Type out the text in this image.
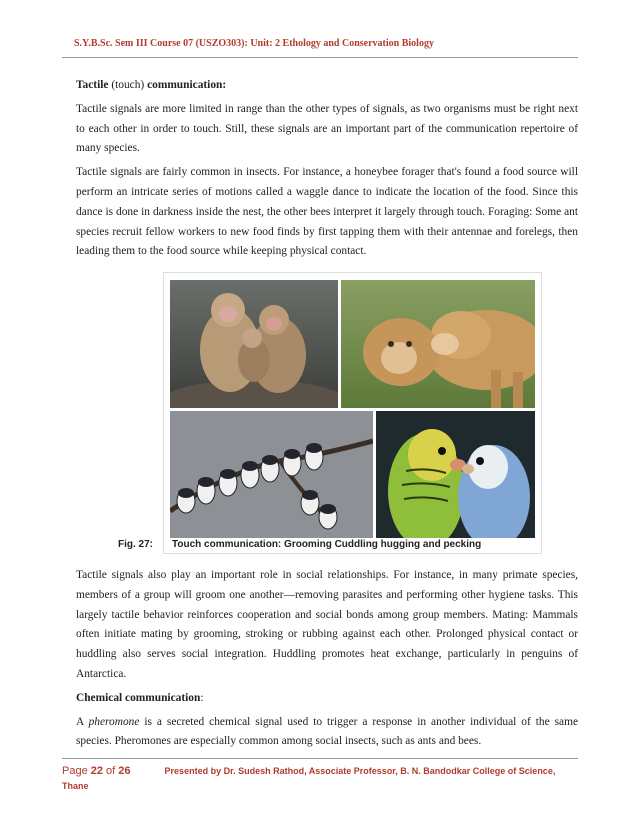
S.Y.B.Sc. Sem III Course 07 (USZO303): Unit: 2 Ethology and Conservation Biology

Tactile (touch) communication:

Tactile signals are more limited in range than the other types of signals, as two organisms must be right next to each other in order to touch. Still, these signals are an important part of the communication repertoire of many species.

Tactile signals are fairly common in insects. For instance, a honeybee forager that's found a food source will perform an intricate series of motions called a waggle dance to indicate the location of the food. Since this dance is done in darkness inside the nest, the other bees interpret it largely through touch. Foraging: Some ant species recruit fellow workers to new food finds by first tapping them with their antennae and forelegs, then leading them to the food source while keeping physical contact.

Fig. 27: Touch communication: Grooming Cuddling hugging and pecking

Tactile signals also play an important role in social relationships. For instance, in many primate species, members of a group will groom one another—removing parasites and performing other hygiene tasks. This largely tactile behavior reinforces cooperation and social bonds among group members. Mating: Mammals often initiate mating by grooming, stroking or rubbing against each other. Prolonged physical contact or huddling also serves social integration. Huddling promotes heat exchange, particularly in penguins of Antarctica.

Chemical communication:

A pheromone is a secreted chemical signal used to trigger a response in another individual of the same species. Pheromones are especially common among social insects, such as ants and bees.

Page 22 of 26	Presented by Dr. Sudesh Rathod, Associate Professor, B. N. Bandodkar College of Science,
Thane
